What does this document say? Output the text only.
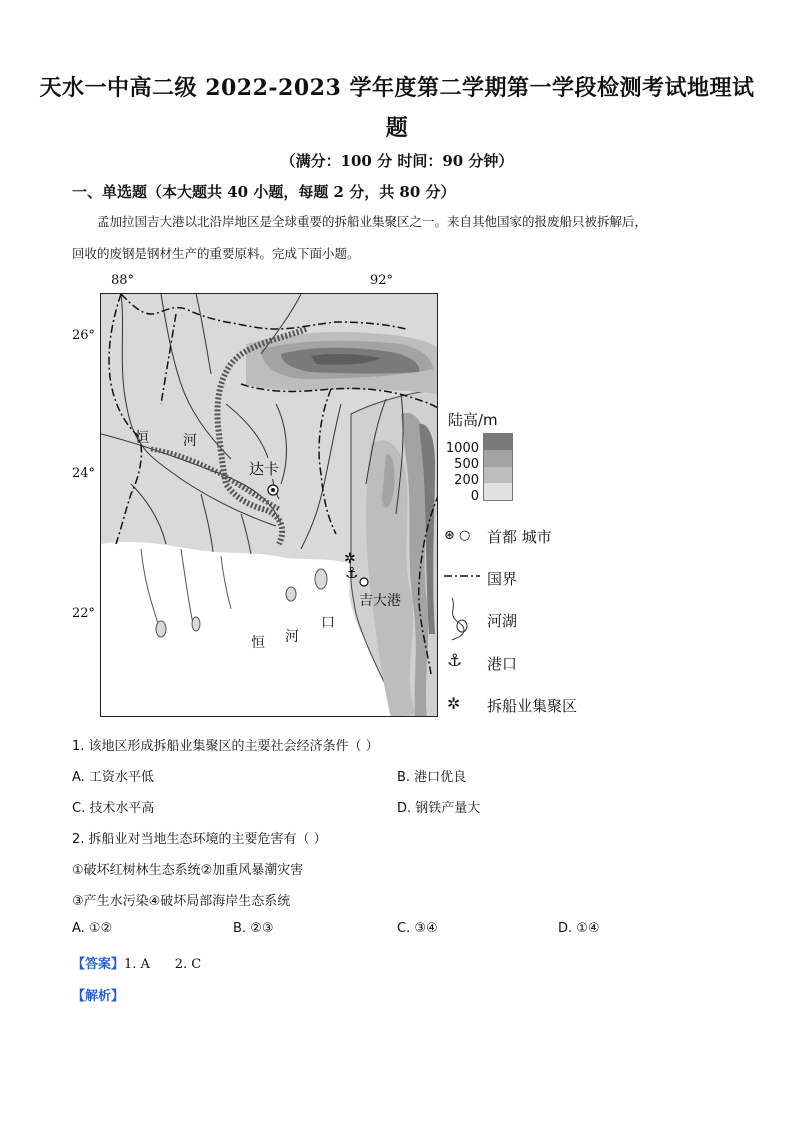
天水一中高二级 2022-2023 学年度第二学期第一学段检测考试地理试
题
（满分：100 分 时间：90 分钟）
一、单选题（本大题共 40 小题，每题 2 分，共 80 分）
孟加拉国吉大港以北沿岸地区是全球重要的拆船业集聚区之一。来自其他国家的报废船只被拆解后，
回收的废钢是钢材生产的重要原料。完成下面小题。
88°	92°
26°
24°
22°
⚓
✲
达卡
吉大港
恒 河
恒 河
口
陆高/m
1000
500
200
0
⊛ ○ 首都 城市
国界
河湖
⚓ 港口
✲ 拆船业集聚区
1. 该地区形成拆船业集聚区的主要社会经济条件（ ）
A. 工资水平低	B. 港口优良
C. 技术水平高	D. 钢铁产量大
2. 拆船业对当地生态环境的主要危害有（ ）
①破坏红树林生态系统②加重风暴潮灾害
③产生水污染④破坏局部海岸生态系统
A. ①②	B. ②③	C. ③④	D. ①④
【答案】1. A      2. C
【解析】
